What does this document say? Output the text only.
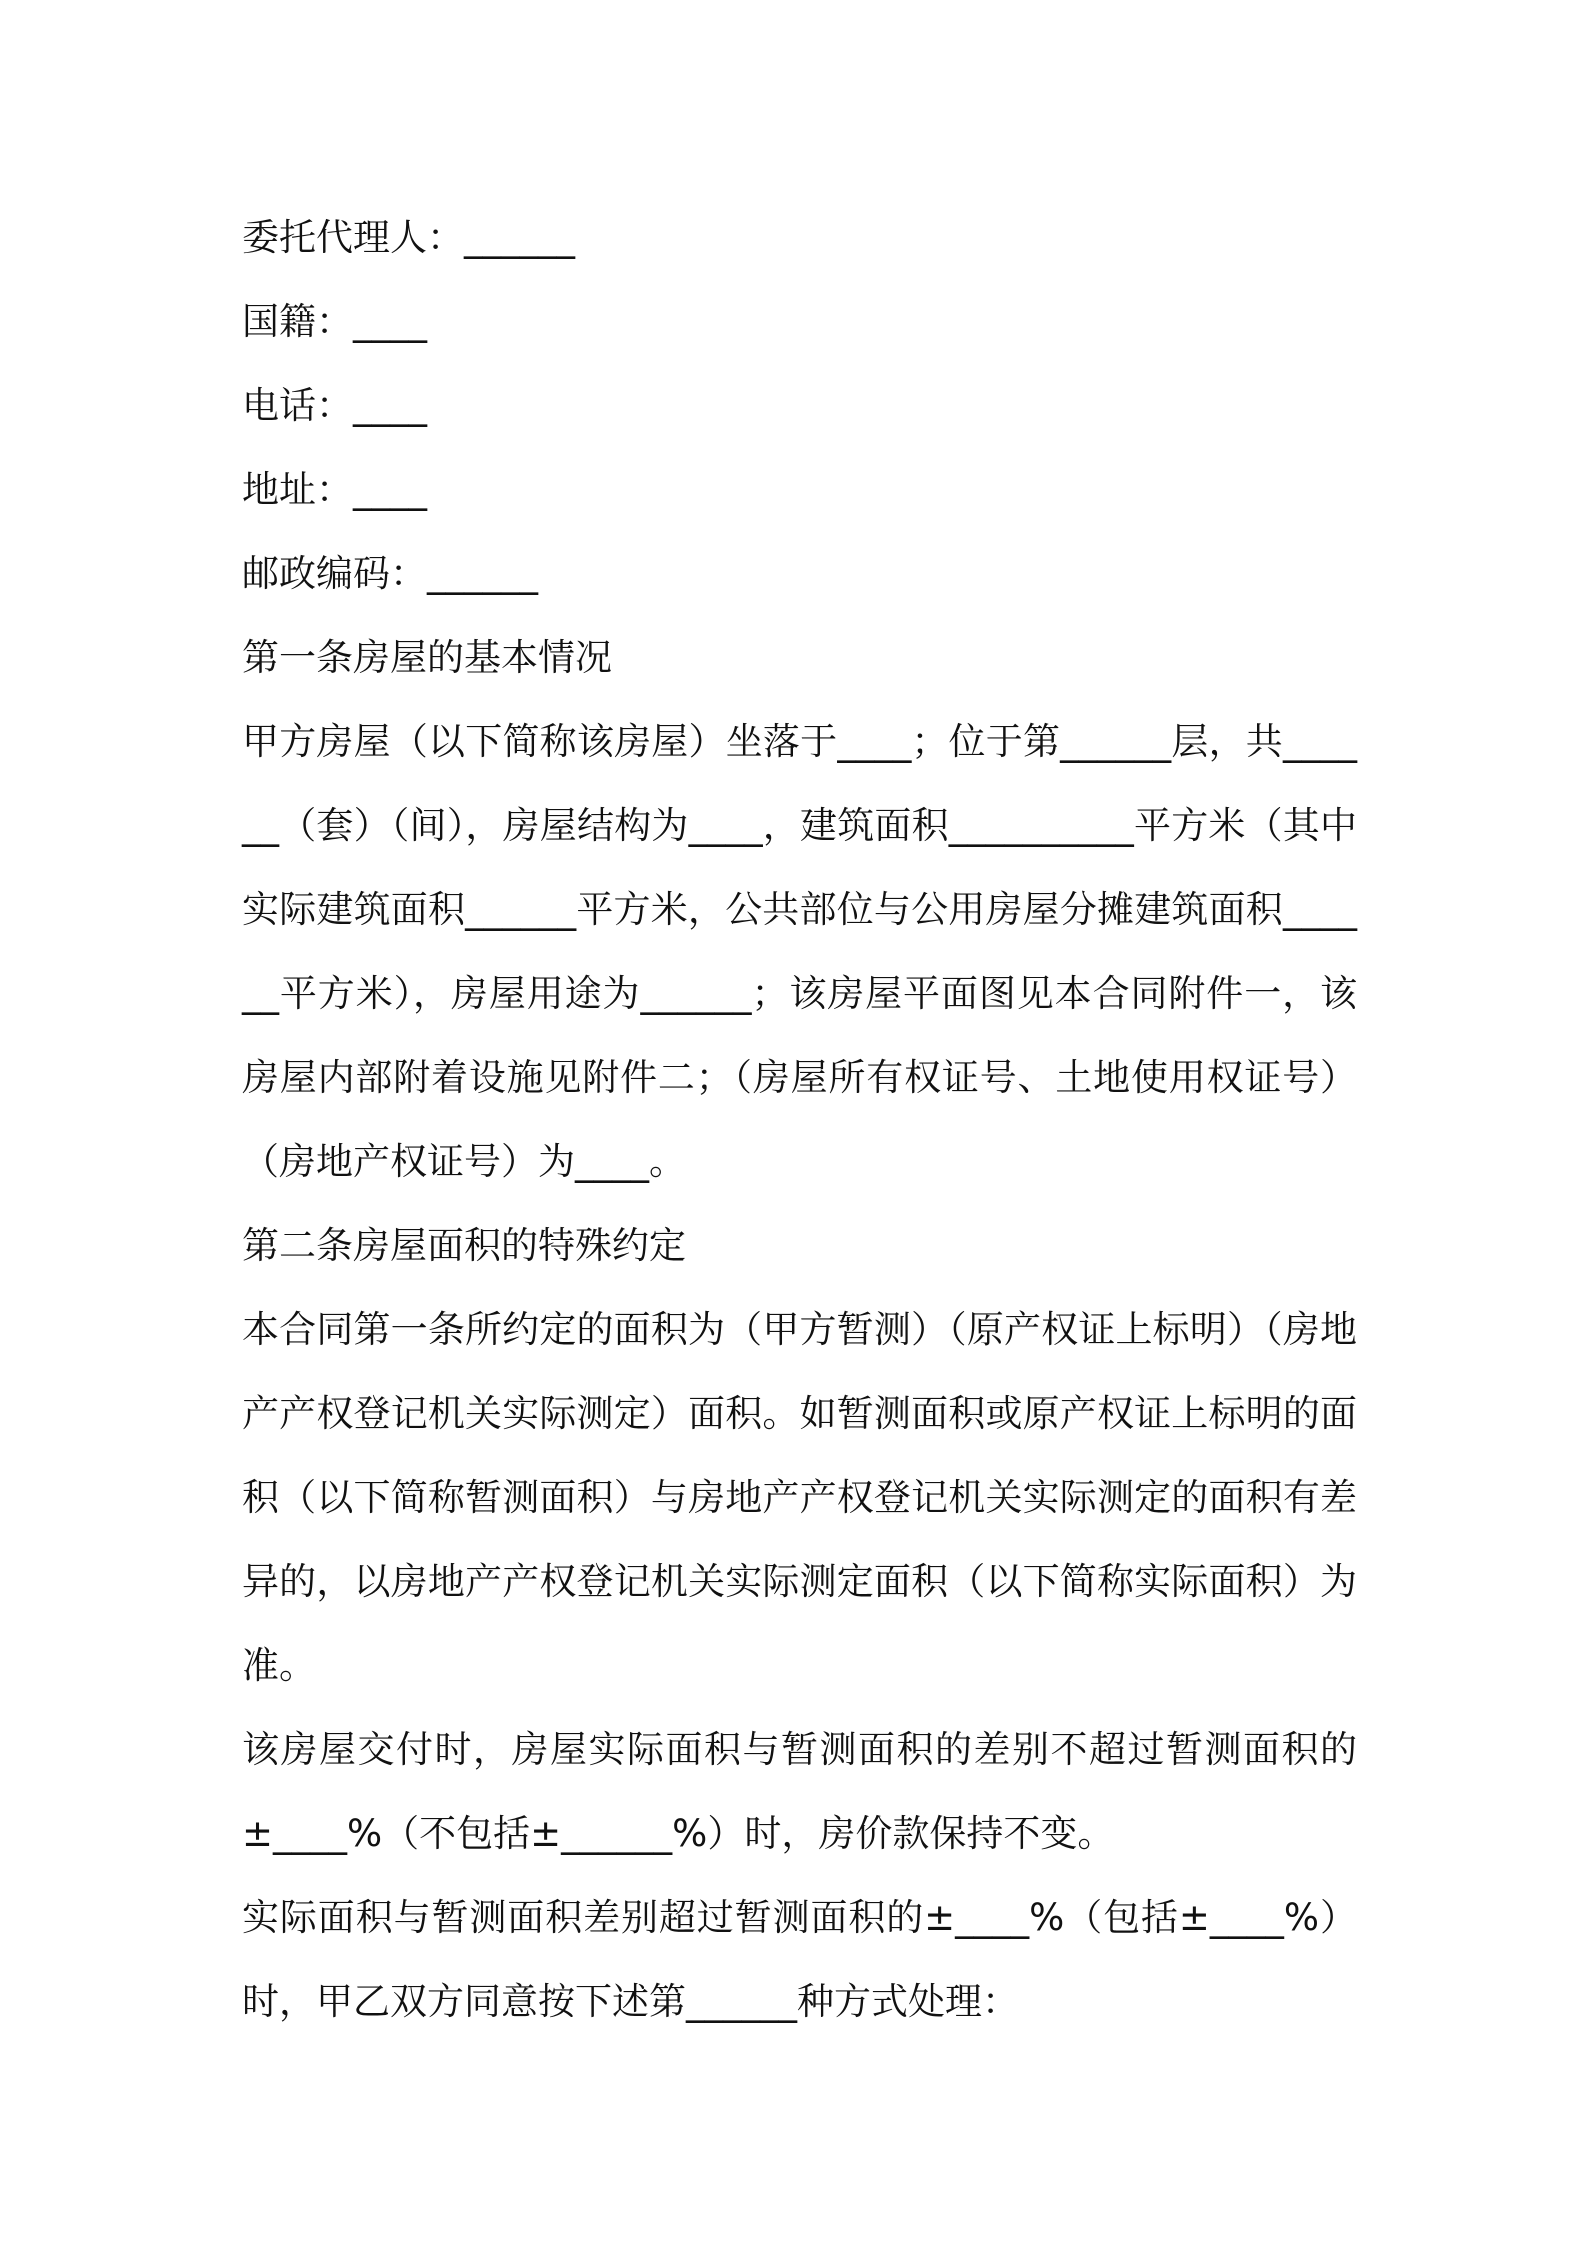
委托代理人：______

国籍：____

电话：____

地址：____

邮政编码：______

第一条房屋的基本情况

甲方房屋（以下简称该房屋）坐落于____；位于第______层，共______（套）（间），房屋结构为____，建筑面积__________平方米（其中实际建筑面积______平方米，公共部位与公用房屋分摊建筑面积______平方米），房屋用途为______；该房屋平面图见本合同附件一，该房屋内部附着设施见附件二；（房屋所有权证号、土地使用权证号）（房地产权证号）为____。

第二条房屋面积的特殊约定

本合同第一条所约定的面积为（甲方暂测）（原产权证上标明）（房地产产权登记机关实际测定）面积。如暂测面积或原产权证上标明的面积（以下简称暂测面积）与房地产产权登记机关实际测定的面积有差异的，以房地产产权登记机关实际测定面积（以下简称实际面积）为准。

该房屋交付时，房屋实际面积与暂测面积的差别不超过暂测面积的±____%（不包括±______%）时，房价款保持不变。

实际面积与暂测面积差别超过暂测面积的±____%（包括±____%）时，甲乙双方同意按下述第______种方式处理：
